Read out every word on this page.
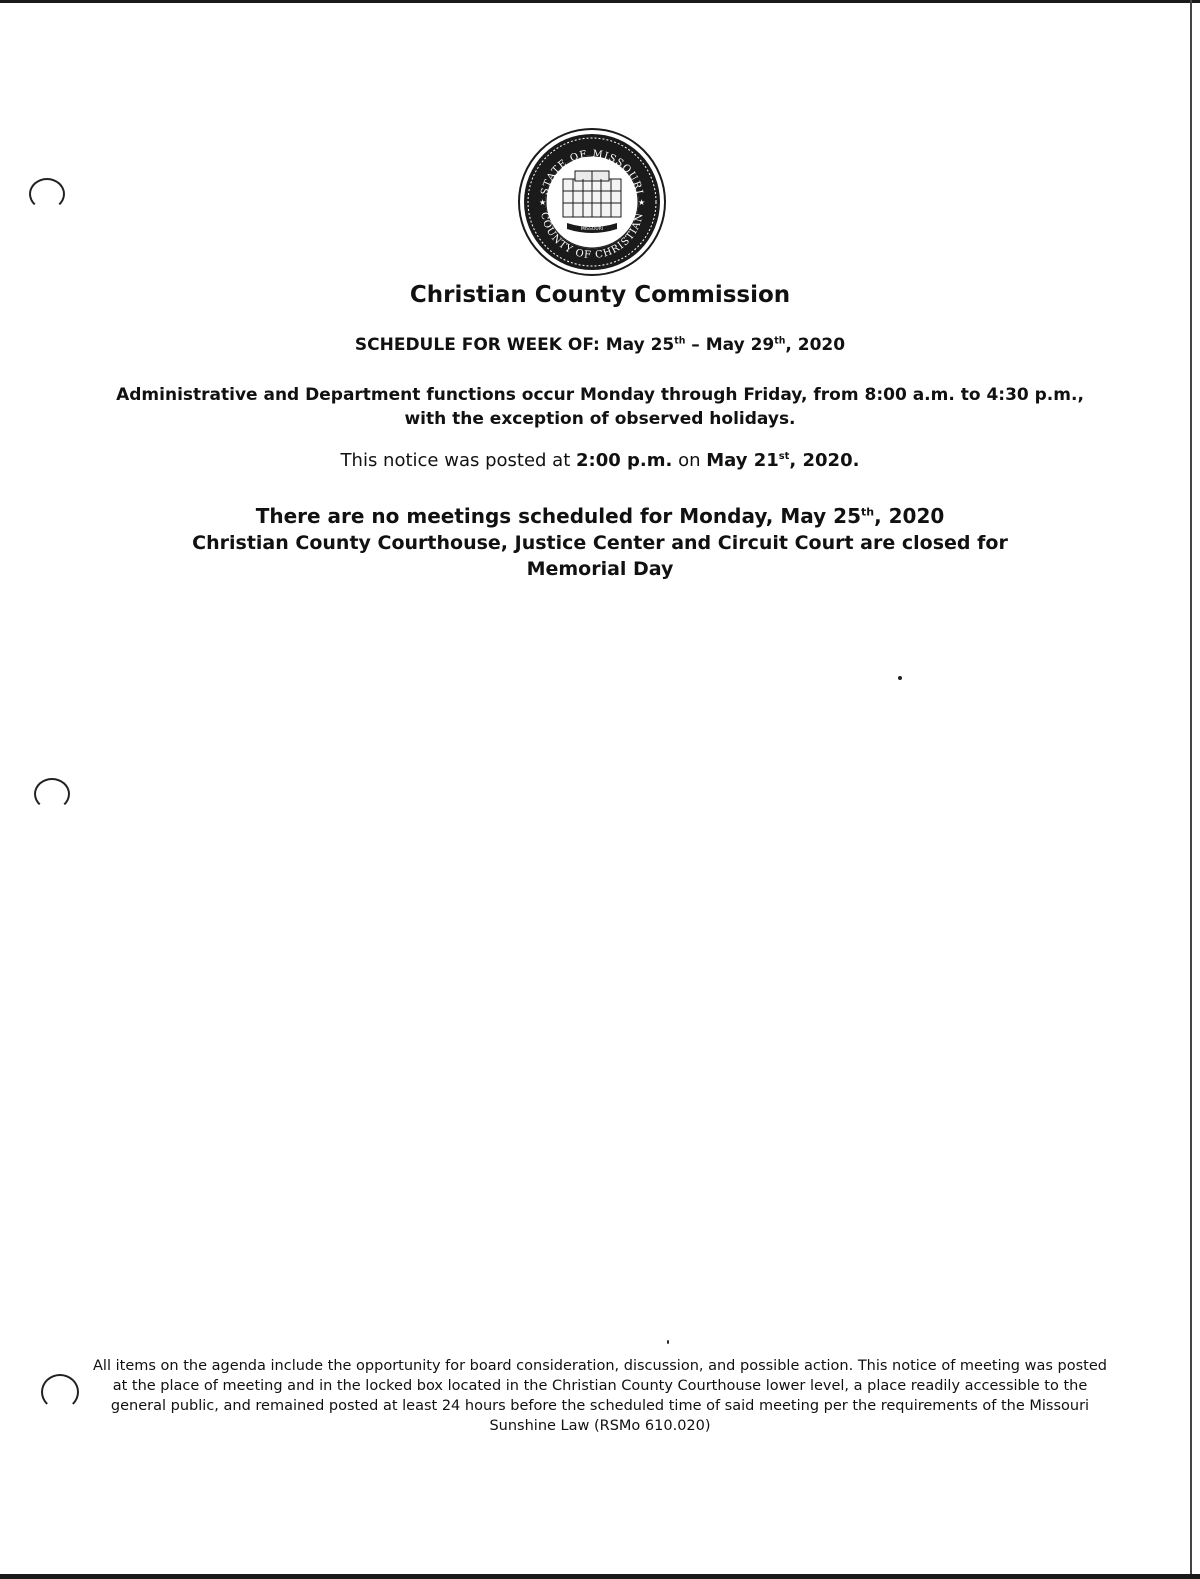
STATE OF MISSOURI
COUNTY OF CHRISTIAN
★	★
MISSOURI
Christian County Commission
SCHEDULE FOR WEEK OF: May 25th – May 29th, 2020
Administrative and Department functions occur Monday through Friday, from 8:00 a.m. to 4:30 p.m.,
with the exception of observed holidays.
This notice was posted at 2:00 p.m. on May 21st, 2020.
There are no meetings scheduled for Monday, May 25th, 2020
Christian County Courthouse, Justice Center and Circuit Court are closed for Memorial Day
All items on the agenda include the opportunity for board consideration, discussion, and possible action. This notice of meeting was posted at the place of meeting and in the locked box located in the Christian County Courthouse lower level, a place readily accessible to the general public, and remained posted at least 24 hours before the scheduled time of said meeting per the requirements of the Missouri Sunshine Law (RSMo 610.020)
